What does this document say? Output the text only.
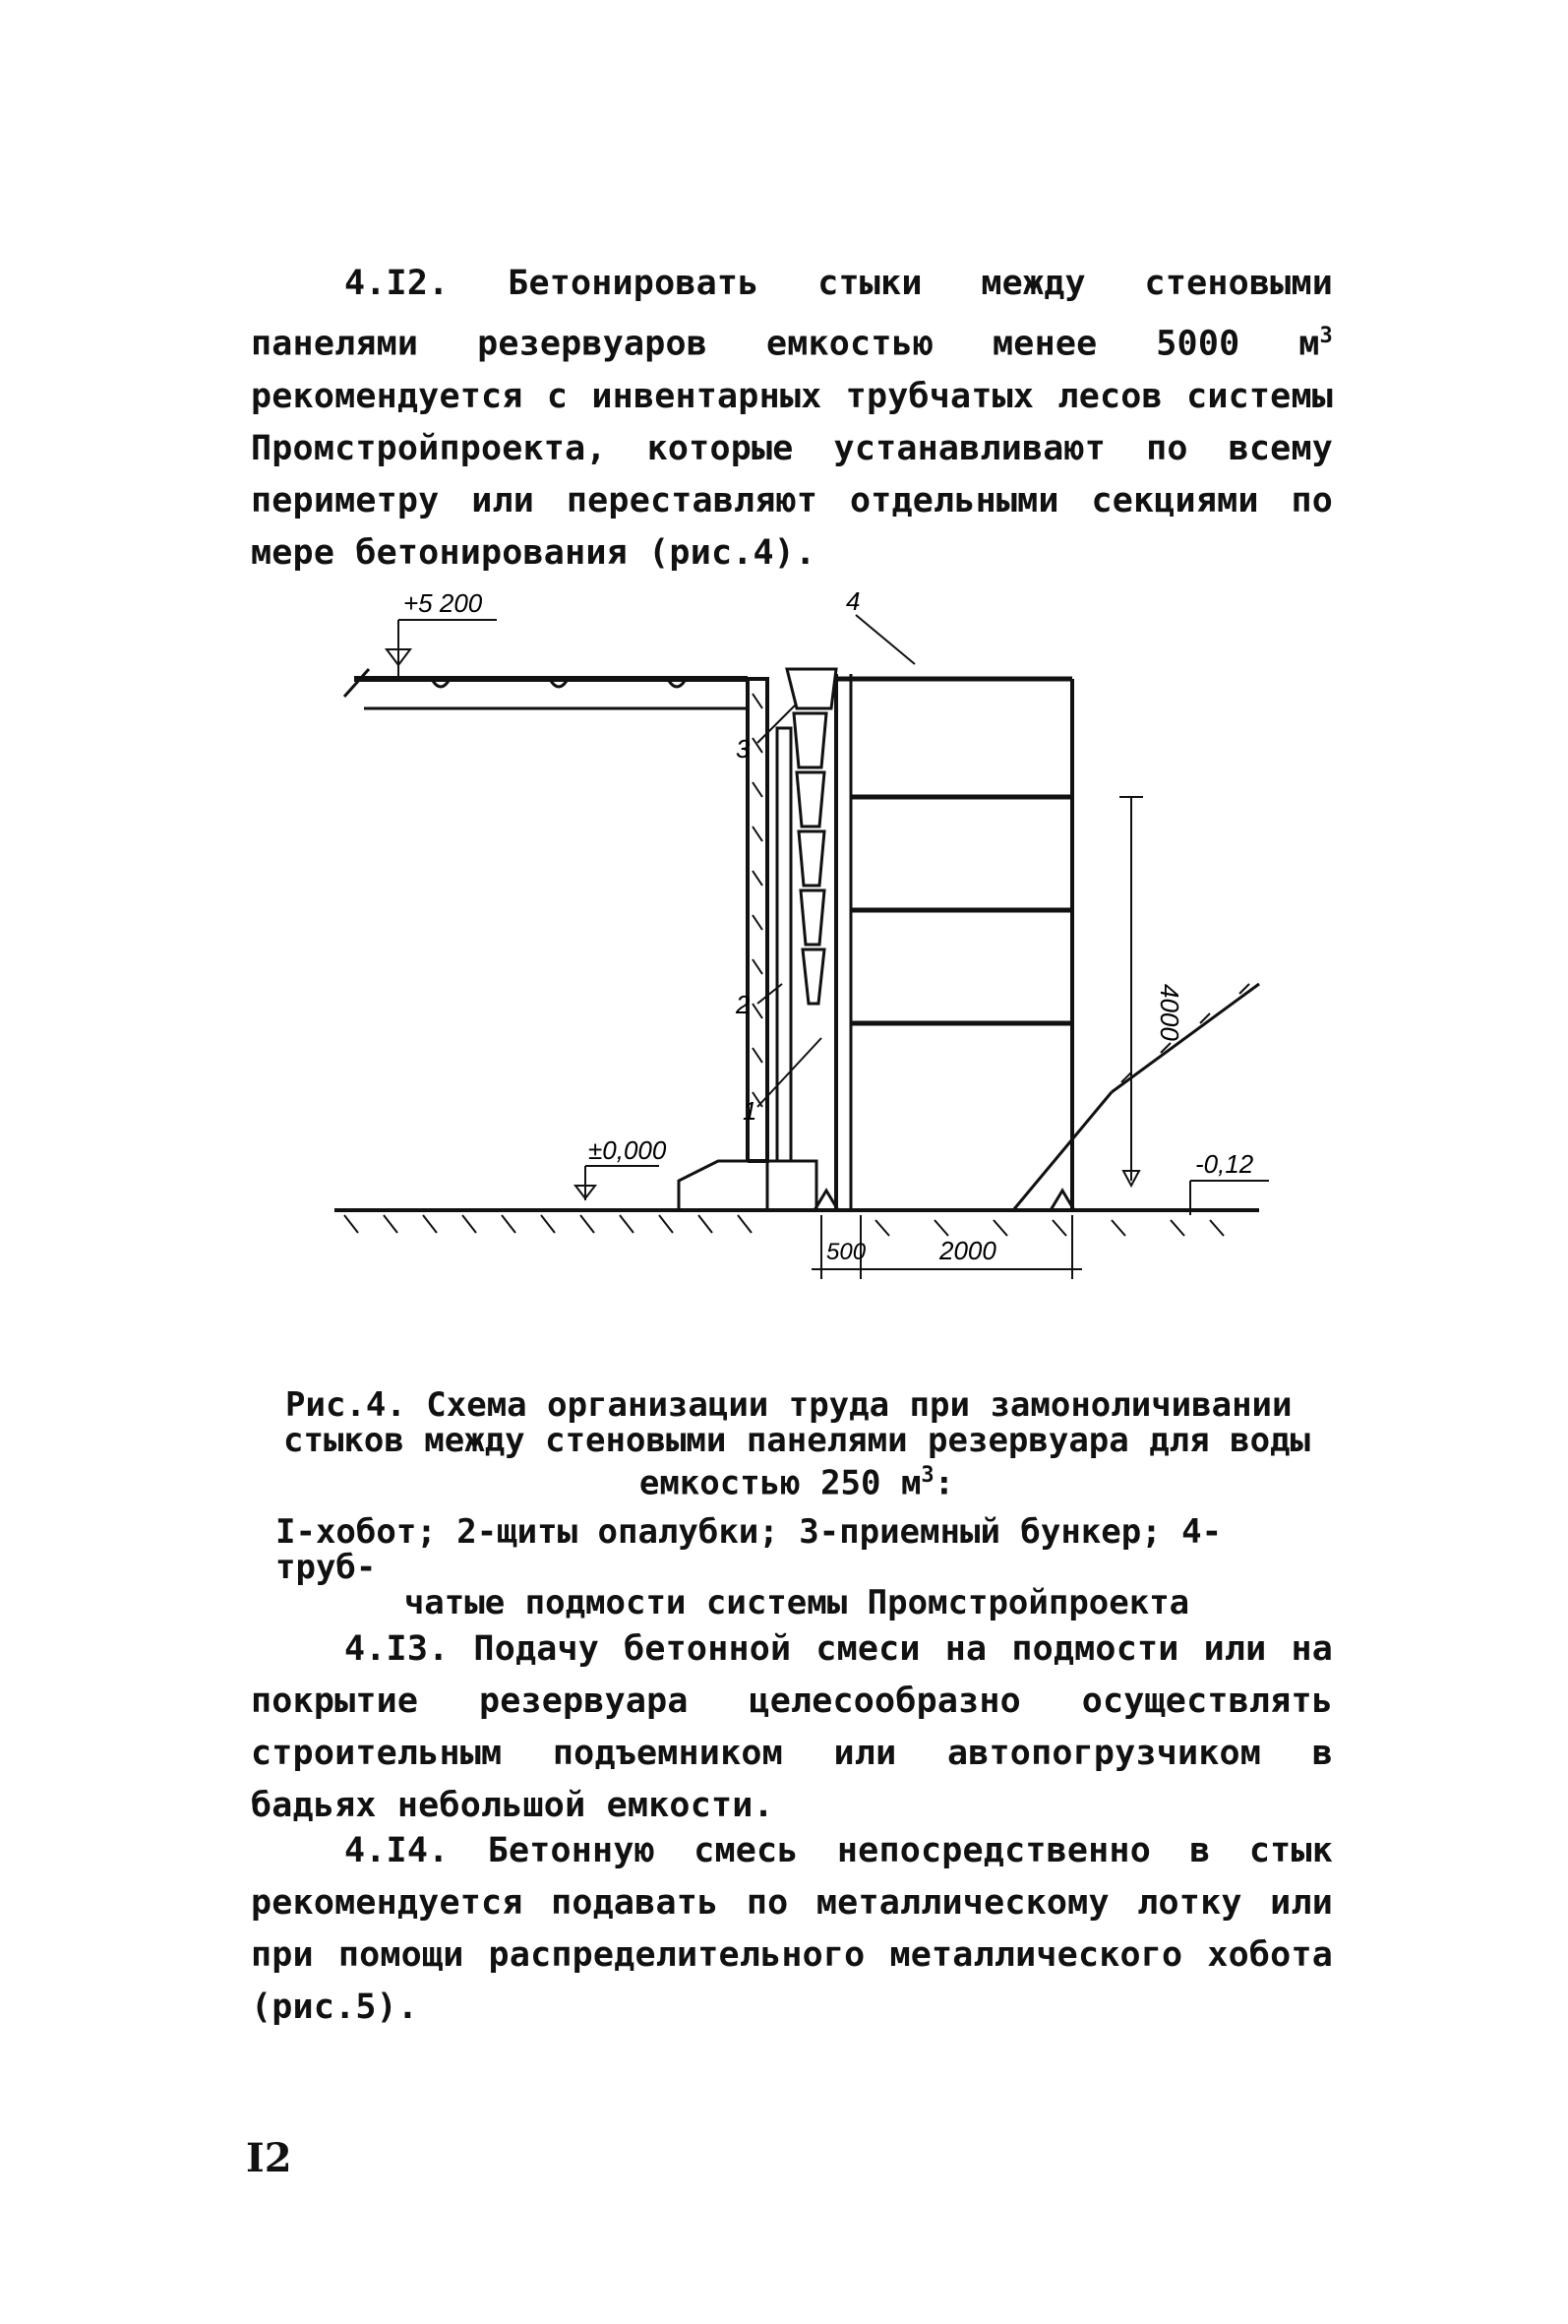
4.I2. Бетонировать стыки между стеновыми панелями резервуаров емкостью менее 5000 $м^3$ рекомендуется с инвентарных трубчатых лесов системы Промстройпроекта, которые устанавливают по всему периметру или переставляют отдельными секциями по мере бетонирования (рис.4).

+5 200
±0,000	-0,12
4000
500	2000
1
2
3
4
Рис.4. Схема организации труда при замоноличивании
стыков между стеновыми панелями резервуара для воды
емкостью 250 $м^3$:
I-хобот; 2-щиты опалубки; 3-приемный бункер; 4-труб-
чатые подмости системы Промстройпроекта

4.I3. Подачу бетонной смеси на подмости или на покрытие резервуара целесообразно осуществлять строительным подъемником или автопогрузчиком в бадьях небольшой емкости.

4.I4. Бетонную смесь непосредственно в стык рекомендуется подавать по металлическому лотку или при помощи распределительного металлического хобота (рис.5).

I2
